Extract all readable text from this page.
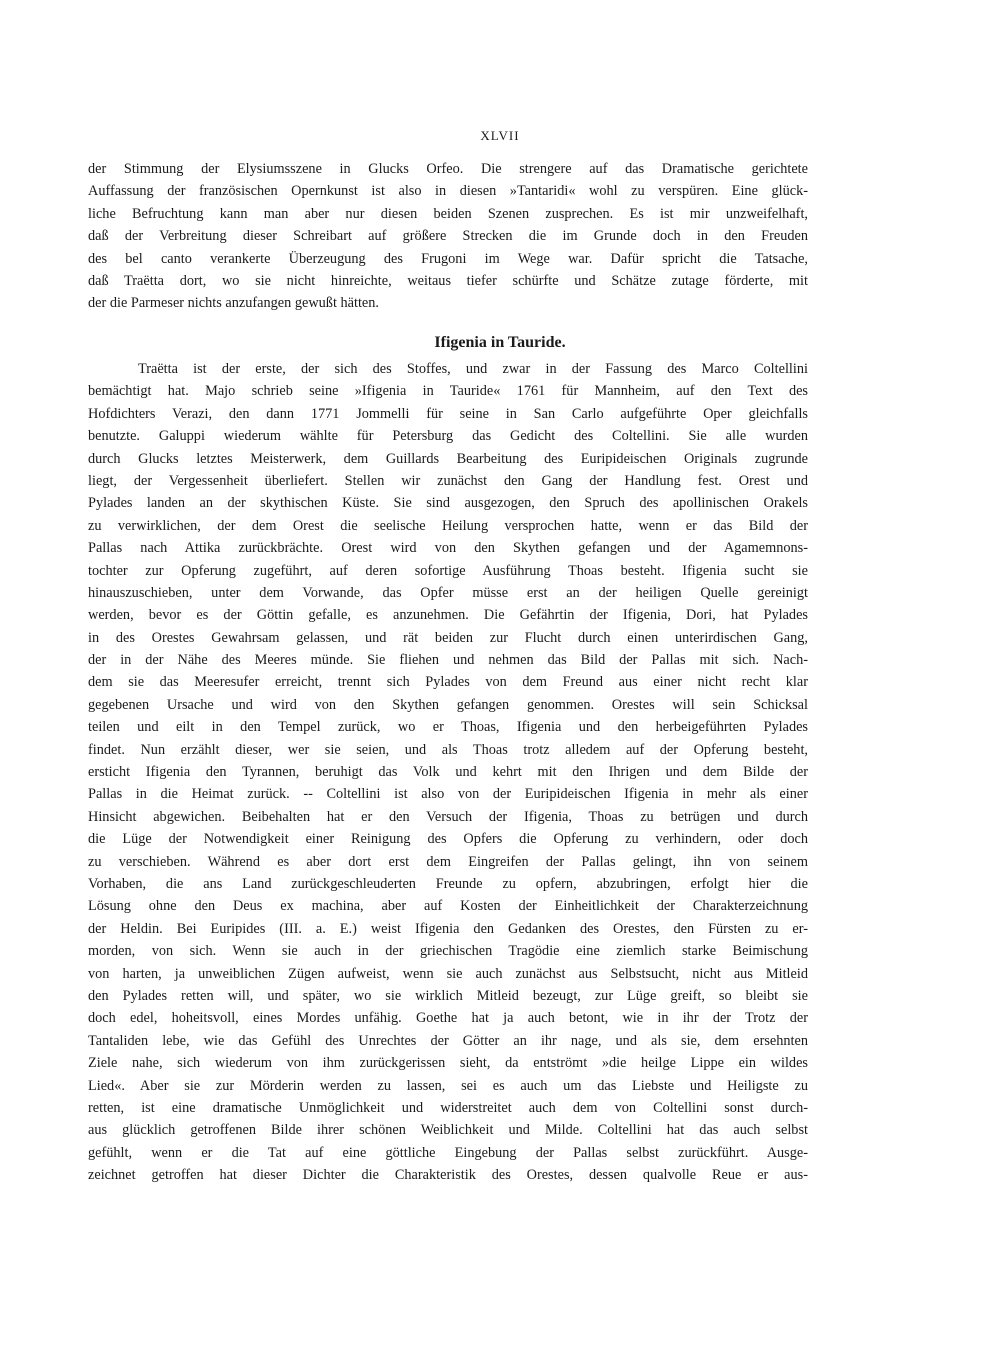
XLVII
der Stimmung der Elysiumsszene in Glucks Orfeo. Die strengere auf das Dramatische gerichtete
Auffassung der französischen Opernkunst ist also in diesen »Tantaridi« wohl zu verspüren. Eine glück-
liche Befruchtung kann man aber nur diesen beiden Szenen zusprechen. Es ist mir unzweifelhaft,
daß der Verbreitung dieser Schreibart auf größere Strecken die im Grunde doch in den Freuden
des bel canto verankerte Überzeugung des Frugoni im Wege war. Dafür spricht die Tatsache,
daß Traëtta dort, wo sie nicht hinreichte, weitaus tiefer schürfte und Schätze zutage förderte, mit
der die Parmeser nichts anzufangen gewußt hätten.
Ifigenia in Tauride.
Traëtta ist der erste, der sich des Stoffes, und zwar in der Fassung des Marco Coltellini
bemächtigt hat. Majo schrieb seine »Ifigenia in Tauride« 1761 für Mannheim, auf den Text des
Hofdichters Verazi, den dann 1771 Jommelli für seine in San Carlo aufgeführte Oper gleichfalls
benutzte. Galuppi wiederum wählte für Petersburg das Gedicht des Coltellini. Sie alle wurden
durch Glucks letztes Meisterwerk, dem Guillards Bearbeitung des Euripideischen Originals zugrunde
liegt, der Vergessenheit überliefert. Stellen wir zunächst den Gang der Handlung fest. Orest und
Pylades landen an der skythischen Küste. Sie sind ausgezogen, den Spruch des apollinischen Orakels
zu verwirklichen, der dem Orest die seelische Heilung versprochen hatte, wenn er das Bild der
Pallas nach Attika zurückbrächte. Orest wird von den Skythen gefangen und der Agamemnons-
tochter zur Opferung zugeführt, auf deren sofortige Ausführung Thoas besteht. Ifigenia sucht sie
hinauszuschieben, unter dem Vorwande, das Opfer müsse erst an der heiligen Quelle gereinigt
werden, bevor es der Göttin gefalle, es anzunehmen. Die Gefährtin der Ifigenia, Dori, hat Pylades
in des Orestes Gewahrsam gelassen, und rät beiden zur Flucht durch einen unterirdischen Gang,
der in der Nähe des Meeres münde. Sie fliehen und nehmen das Bild der Pallas mit sich. Nach-
dem sie das Meeresufer erreicht, trennt sich Pylades von dem Freund aus einer nicht recht klar
gegebenen Ursache und wird von den Skythen gefangen genommen. Orestes will sein Schicksal
teilen und eilt in den Tempel zurück, wo er Thoas, Ifigenia und den herbeigeführten Pylades
findet. Nun erzählt dieser, wer sie seien, und als Thoas trotz alledem auf der Opferung besteht,
ersticht Ifigenia den Tyrannen, beruhigt das Volk und kehrt mit den Ihrigen und dem Bilde der
Pallas in die Heimat zurück. -- Coltellini ist also von der Euripideischen Ifigenia in mehr als einer
Hinsicht abgewichen. Beibehalten hat er den Versuch der Ifigenia, Thoas zu betrügen und durch
die Lüge der Notwendigkeit einer Reinigung des Opfers die Opferung zu verhindern, oder doch
zu verschieben. Während es aber dort erst dem Eingreifen der Pallas gelingt, ihn von seinem
Vorhaben, die ans Land zurückgeschleuderten Freunde zu opfern, abzubringen, erfolgt hier die
Lösung ohne den Deus ex machina, aber auf Kosten der Einheitlichkeit der Charakterzeichnung
der Heldin. Bei Euripides (III. a. E.) weist Ifigenia den Gedanken des Orestes, den Fürsten zu er-
morden, von sich. Wenn sie auch in der griechischen Tragödie eine ziemlich starke Beimischung
von harten, ja unweiblichen Zügen aufweist, wenn sie auch zunächst aus Selbstsucht, nicht aus Mitleid
den Pylades retten will, und später, wo sie wirklich Mitleid bezeugt, zur Lüge greift, so bleibt sie
doch edel, hoheitsvoll, eines Mordes unfähig. Goethe hat ja auch betont, wie in ihr der Trotz der
Tantaliden lebe, wie das Gefühl des Unrechtes der Götter an ihr nage, und als sie, dem ersehnten
Ziele nahe, sich wiederum von ihm zurückgerissen sieht, da entströmt »die heilge Lippe ein wildes
Lied«. Aber sie zur Mörderin werden zu lassen, sei es auch um das Liebste und Heiligste zu
retten, ist eine dramatische Unmöglichkeit und widerstreitet auch dem von Coltellini sonst durch-
aus glücklich getroffenen Bilde ihrer schönen Weiblichkeit und Milde. Coltellini hat das auch selbst
gefühlt, wenn er die Tat auf eine göttliche Eingebung der Pallas selbst zurückführt. Ausge-
zeichnet getroffen hat dieser Dichter die Charakteristik des Orestes, dessen qualvolle Reue er aus-
